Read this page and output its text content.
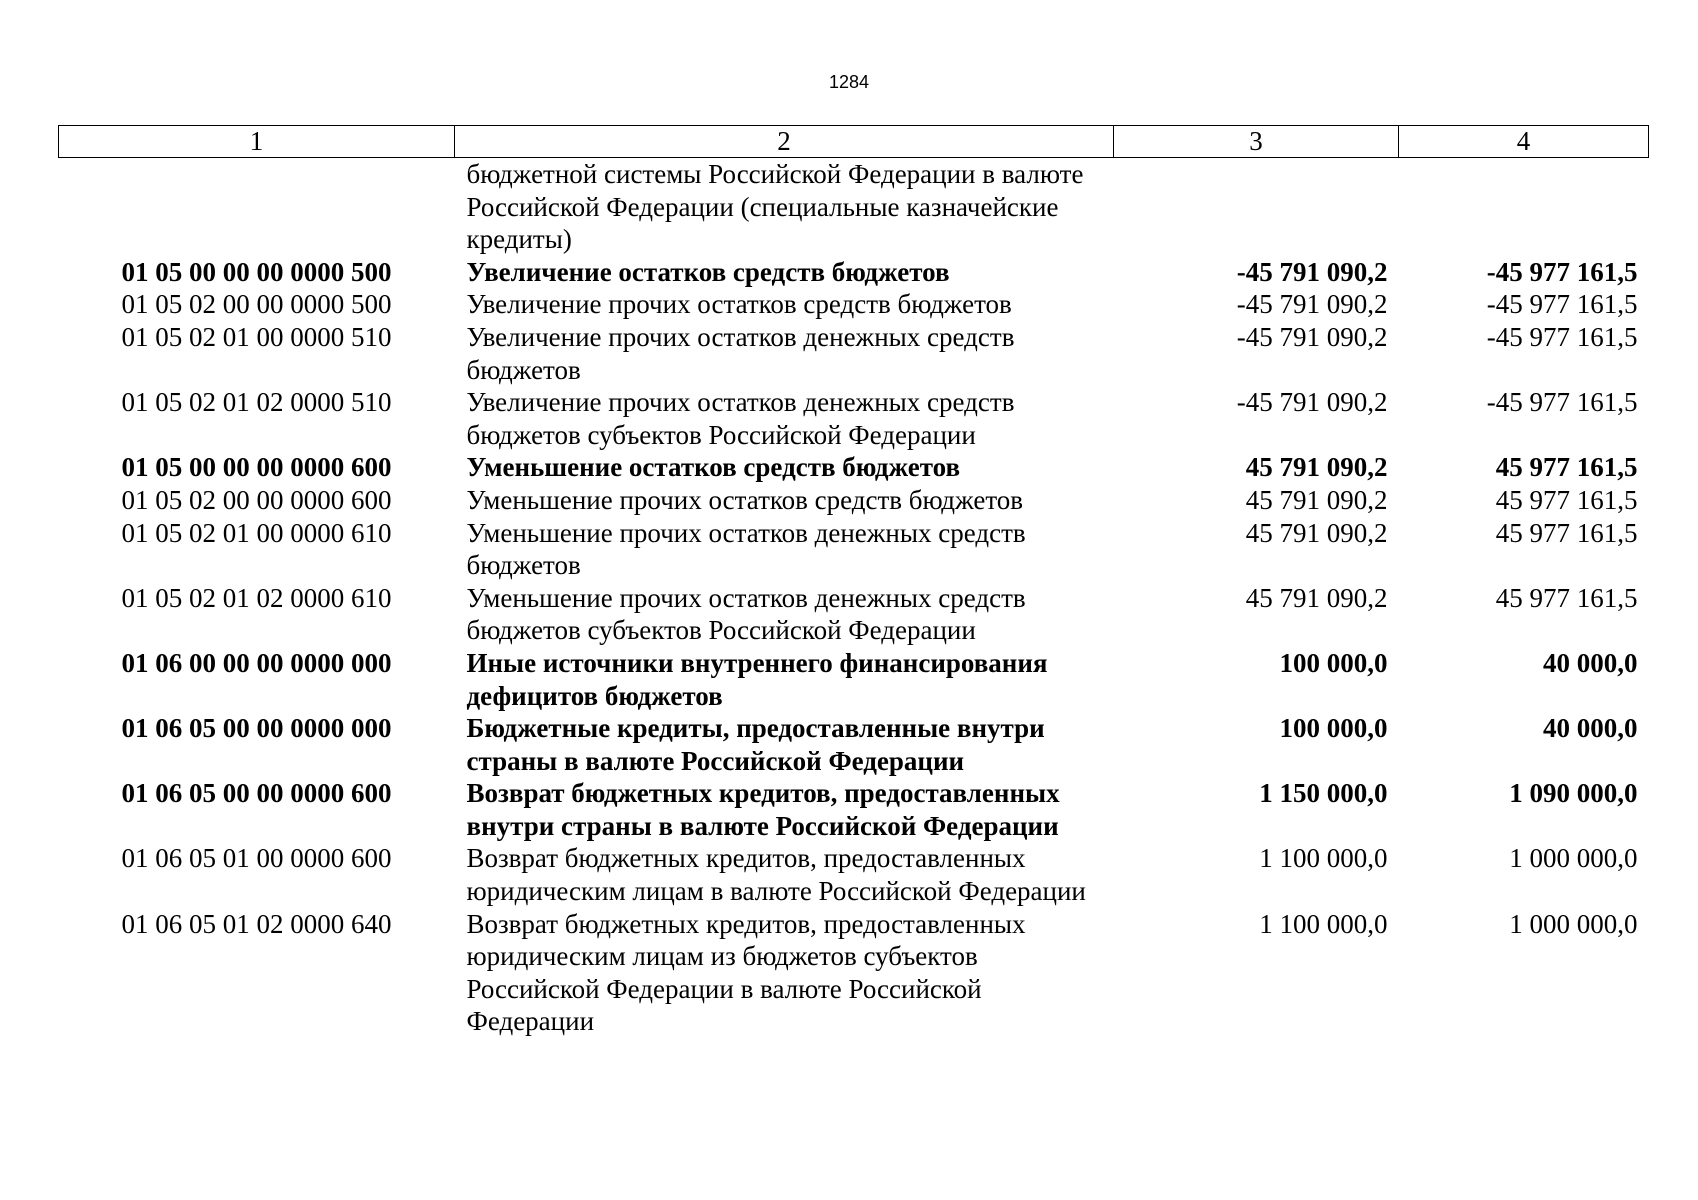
1284
1	2	3	4
	бюджетной системы Российской Федерации в валюте Российской Федерации (специальные казначейские кредиты)		
01 05 00 00 00 0000 500	Увеличение остатков средств бюджетов	-45 791 090,2	-45 977 161,5
01 05 02 00 00 0000 500	Увеличение прочих остатков средств бюджетов	-45 791 090,2	-45 977 161,5
01 05 02 01 00 0000 510	Увеличение прочих остатков денежных средств бюджетов	-45 791 090,2	-45 977 161,5
01 05 02 01 02 0000 510	Увеличение прочих остатков денежных средств бюджетов субъектов Российской Федерации	-45 791 090,2	-45 977 161,5
01 05 00 00 00 0000 600	Уменьшение остатков средств бюджетов	45 791 090,2	45 977 161,5
01 05 02 00 00 0000 600	Уменьшение прочих остатков средств бюджетов	45 791 090,2	45 977 161,5
01 05 02 01 00 0000 610	Уменьшение прочих остатков денежных средств бюджетов	45 791 090,2	45 977 161,5
01 05 02 01 02 0000 610	Уменьшение прочих остатков денежных средств бюджетов субъектов Российской Федерации	45 791 090,2	45 977 161,5
01 06 00 00 00 0000 000	Иные источники внутреннего финансирования дефицитов бюджетов	100 000,0	40 000,0
01 06 05 00 00 0000 000	Бюджетные кредиты, предоставленные внутри страны в валюте Российской Федерации	100 000,0	40 000,0
01 06 05 00 00 0000 600	Возврат бюджетных кредитов, предоставленных внутри страны в валюте Российской Федерации	1 150 000,0	1 090 000,0
01 06 05 01 00 0000 600	Возврат бюджетных кредитов, предоставленных юридическим лицам в валюте Российской Федерации	1 100 000,0	1 000 000,0
01 06 05 01 02 0000 640	Возврат бюджетных кредитов, предоставленных юридическим лицам из бюджетов субъектов Российской Федерации в валюте Российской Федерации	1 100 000,0	1 000 000,0
